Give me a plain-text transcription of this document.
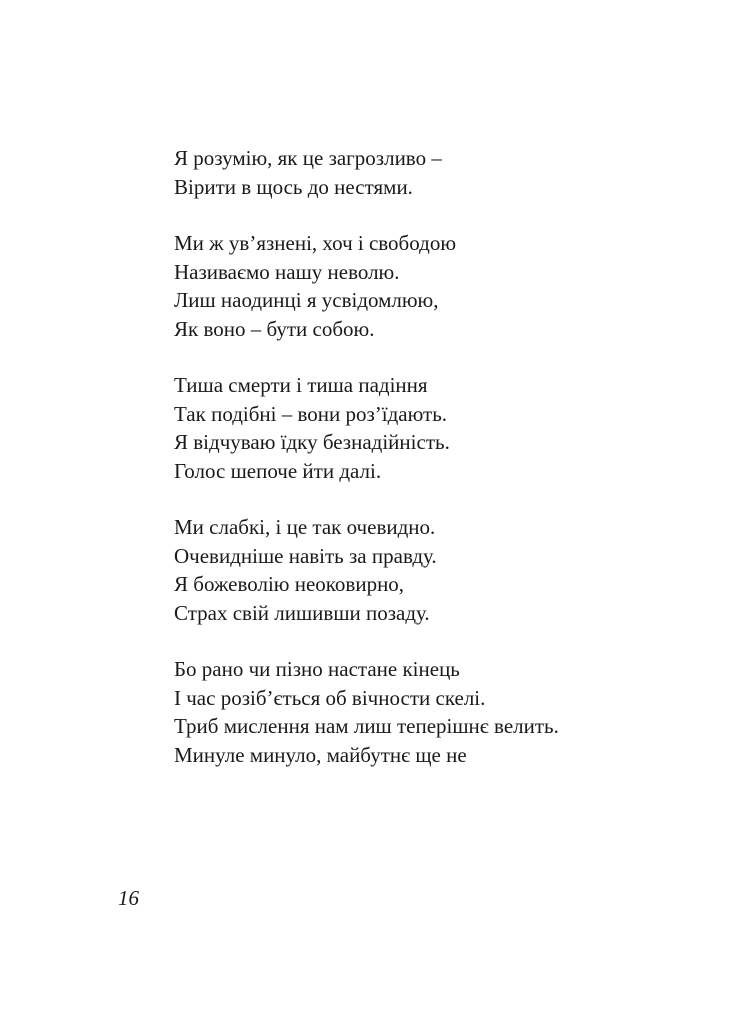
Я розумію, як це загрозливо –
Вірити в щось до нестями.
Ми ж ув’язнені, хоч і свободою
Називаємо нашу неволю.
Лиш наодинці я усвідомлюю,
Як воно – бути собою.
Тиша смерти і тиша падіння
Так подібні – вони роз’їдають.
Я відчуваю їдку безнадійність.
Голос шепоче йти далі.
Ми слабкі, і це так очевидно.
Очевидніше навіть за правду.
Я божеволію неоковирно,
Страх свій лишивши позаду.
Бо рано чи пізно настане кінець
І час розіб’ється об вічности скелі.
Триб мислення нам лиш теперішнє велить.
Минуле минуло, майбутнє ще не
16
